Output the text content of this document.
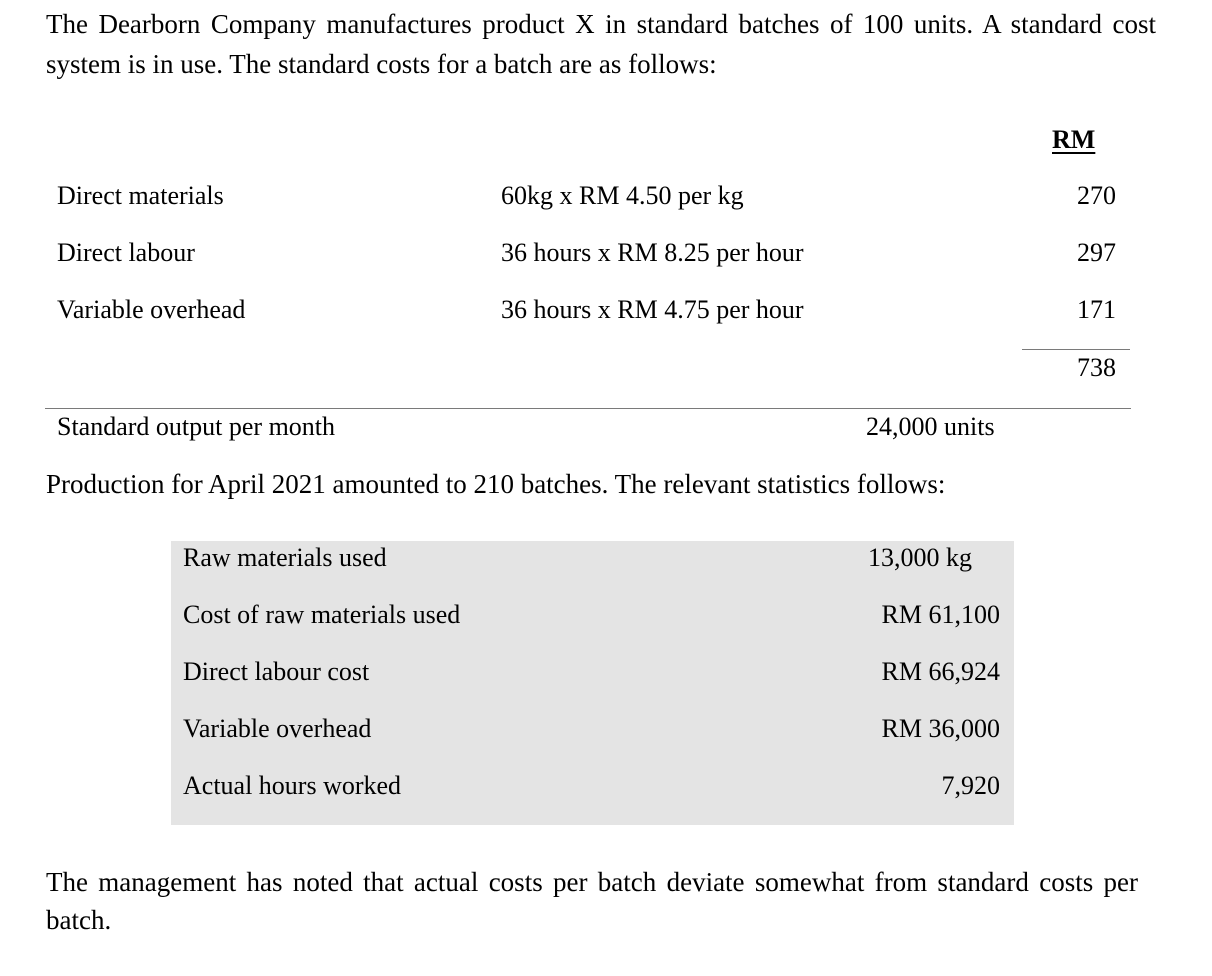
The Dearborn Company manufactures product X in standard batches of 100 units. A standard cost system is in use. The standard costs for a batch are as follows:
RM
Direct materials	60kg x RM 4.50 per kg	270
Direct labour	36 hours x RM 8.25 per hour	297
Variable overhead	36 hours x RM 4.75 per hour	171
738
Standard output per month	24,000 units
Production for April 2021 amounted to 210 batches. The relevant statistics follows:
Raw materials used	13,000 kg
Cost of raw materials used	RM 61,100
Direct labour cost	RM 66,924
Variable overhead	RM 36,000
Actual hours worked	7,920
The management has noted that actual costs per batch deviate somewhat from standard costs per batch.
